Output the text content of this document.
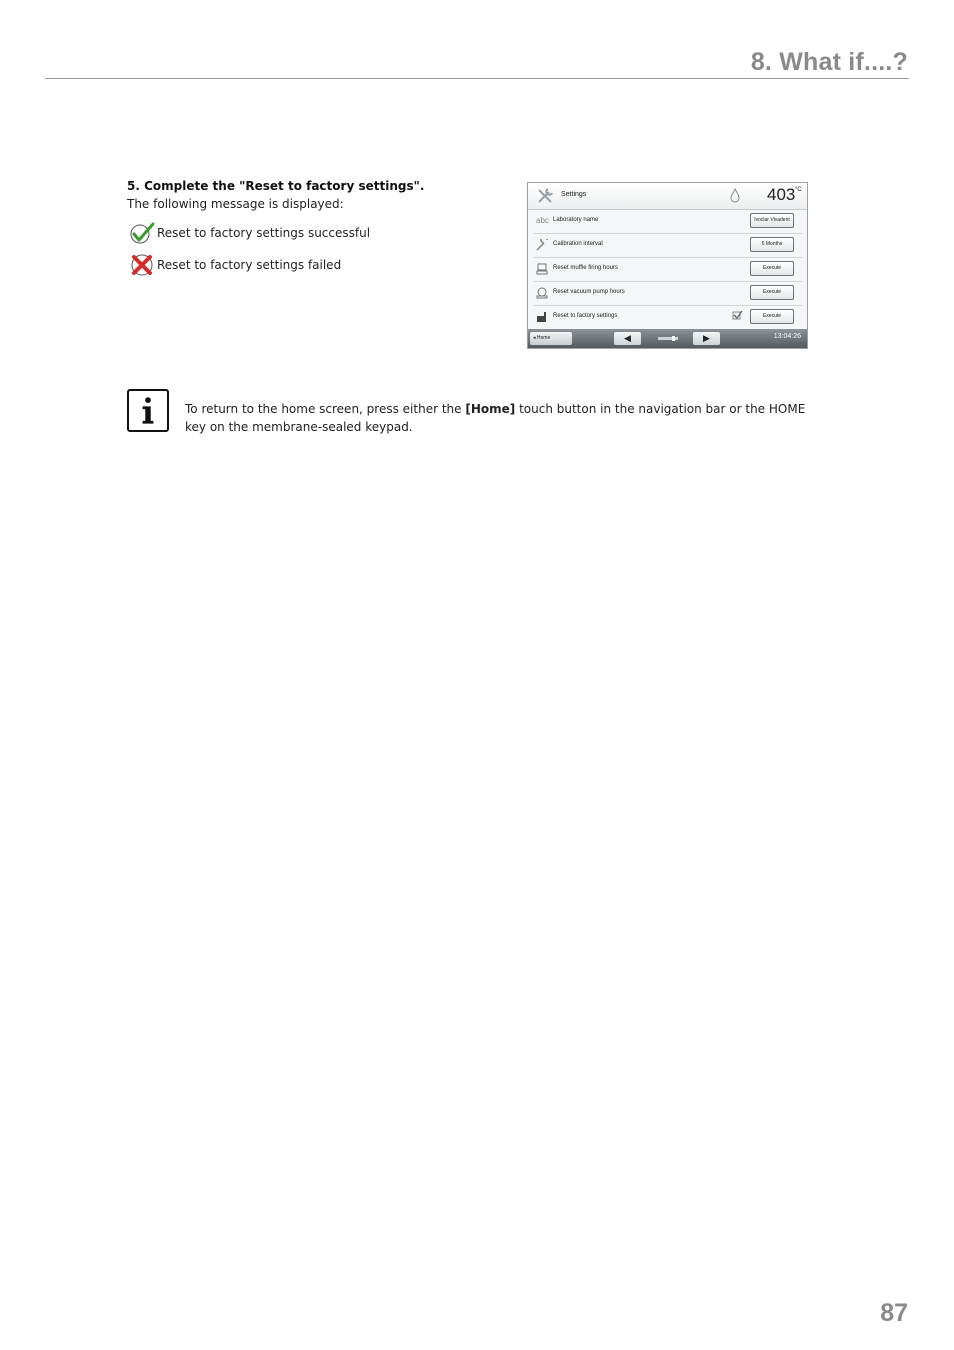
8. What if....?
5. Complete the "Reset to factory settings".
The following message is displayed:
Reset to factory settings successful
Reset to factory settings failed
Settings	403 °C
abc Laboratory name	Ivoclar Vivadent
Calibration interval	6 Months
Reset muffle firing hours	Execute
Reset vacuum pump hours	Execute
Reset to factory settings	Execute
◂ Home	◀	▶	13:04:26
To return to the home screen, press either the [Home] touch button in the navigation bar or the HOME key on the membrane-sealed keypad.
87
